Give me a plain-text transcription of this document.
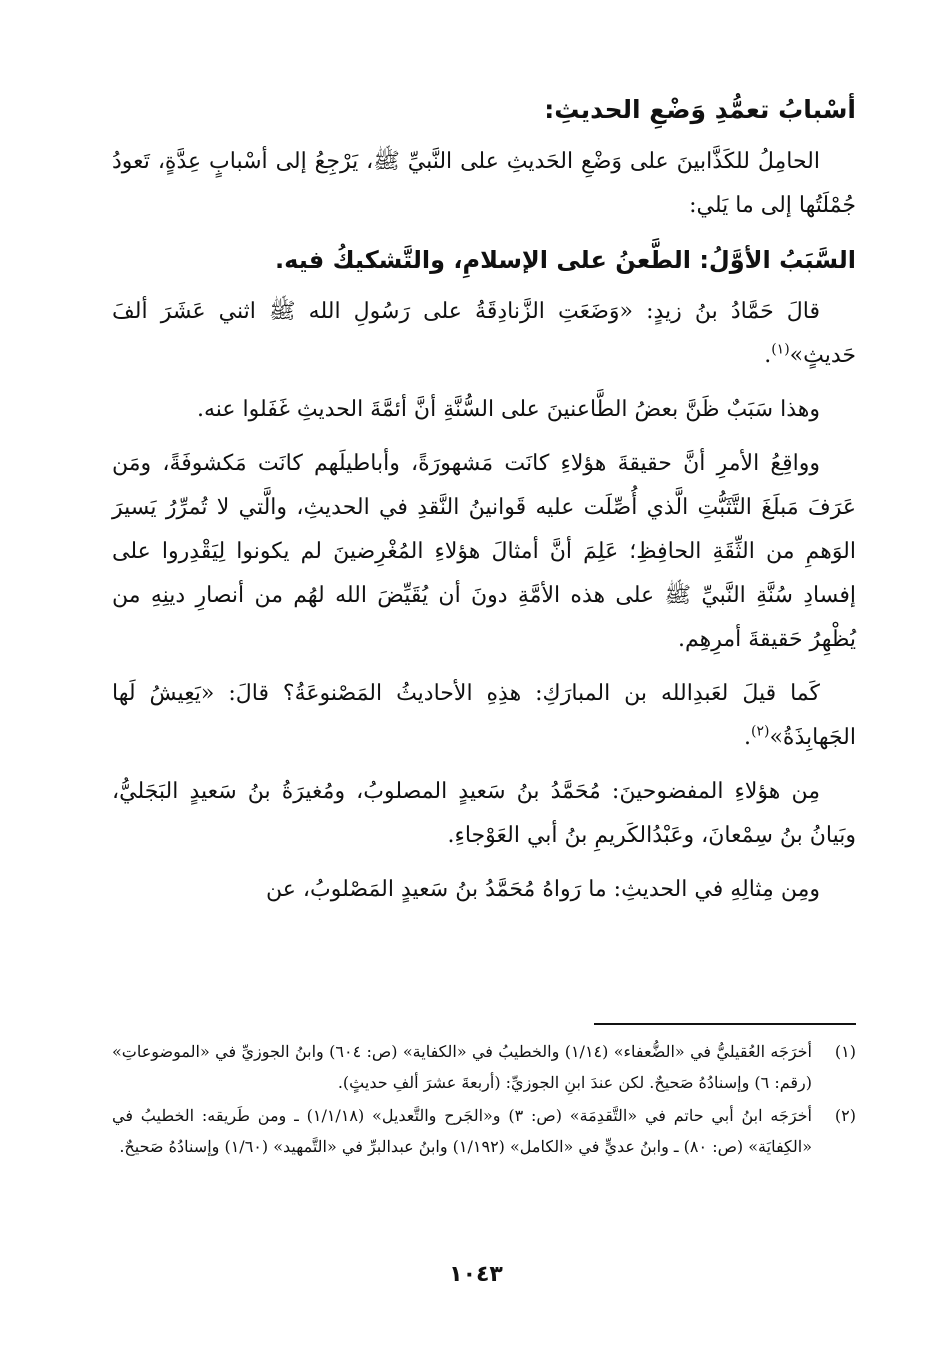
أسْبابُ تعمُّدِ وَضْعِ الحديثِ:

الحامِلُ للكَذَّابينَ على وَضْعِ الحَديثِ على النَّبيِّ ﷺ، يَرْجِعُ إلى أسْبابٍ عِدَّةٍ، تَعودُ جُمْلَتُها إلى ما يَلي:

السَّبَبُ الأوَّلُ: الطَّعنُ على الإسلامِ، والتَّشكيكُ فيه.

قالَ حَمَّادُ بنُ زيدٍ: «وَضَعَتِ الزَّنادِقَةُ على رَسُولِ الله ﷺ اثني عَشَرَ ألفَ حَديثٍ»$^{(١)}$.

وهذا سَبَبٌ ظَنَّ بعضُ الطَّاعنينَ على السُّنَّةِ أنَّ أئمَّةَ الحديثِ غَفَلوا عنه.

وواقِعُ الأمرِ أنَّ حقيقةَ هؤلاءِ كانَت مَشهورَةً، وأباطيلَهم كانَت مَكشوفَةً، ومَن عَرَفَ مَبلَغَ التَّثَبُّتِ الَّذي أُصِّلَت عليه قَوانينُ النَّقدِ في الحديثِ، والَّتي لا تُمرِّرُ يَسيرَ الوَهمِ من الثِّقَةِ الحافِظِ؛ عَلِمَ أنَّ أمثالَ هؤلاءِ المُغْرِضينَ لم يكونوا لِيَقْدِروا على إفسادِ سُنَّةِ النَّبيِّ ﷺ على هذه الأمَّةِ دونَ أن يُقَيِّضَ الله لهُم من أنصارِ دينِهِ من يُظْهِرُ حَقيقةَ أمرِهِم.

كَما قيلَ لعَبدِالله بن المبارَكِ: هذِهِ الأحاديثُ المَصْنوعَةُ؟ قالَ: «يَعِيشُ لَها الجَهابِذَةُ»$^{(٢)}$.

مِن هؤلاءِ المفضوحينَ: مُحَمَّدُ بنُ سَعيدٍ المصلوبُ، ومُغيرَةُ بنُ سَعيدٍ البَجَليُّ، وبَيانُ بنُ سِمْعانَ، وعَبْدُالكَريمِ بنُ أبي العَوْجاءِ.

ومِن مِثالِهِ في الحديثِ: ما رَواهُ مُحَمَّدُ بنُ سَعيدٍ المَصْلوبُ، عن

(١)
أخرَجَه العُقيليُّ في «الضُّعفاء» (١/١٤) والخطيبُ في «الكفاية» (ص: ٦٠٤) وابنُ الجوزيِّ في «الموضوعاتِ» (رقم: ٦) وإسنادُهُ صَحيحٌ. لكن عندَ ابنِ الجوزيِّ: (أربعةَ عشرَ ألفِ حديثٍ).
(٢)
أخرَجَه ابنُ أبي حاتم في «التَّقدِمَة» (ص: ٣) و«الجَرح والتَّعديل» (١/١/١٨) ـ ومن طَريقه: الخطيبُ في «الكِفايَة» (ص: ٨٠) ـ وابنُ عديٍّ في «الكامل» (١/١٩٢) وابنُ عبدالبرِّ في «التَّمهيد» (١/٦٠) وإسنادُهُ صَحيحٌ.
١٠٤٣
